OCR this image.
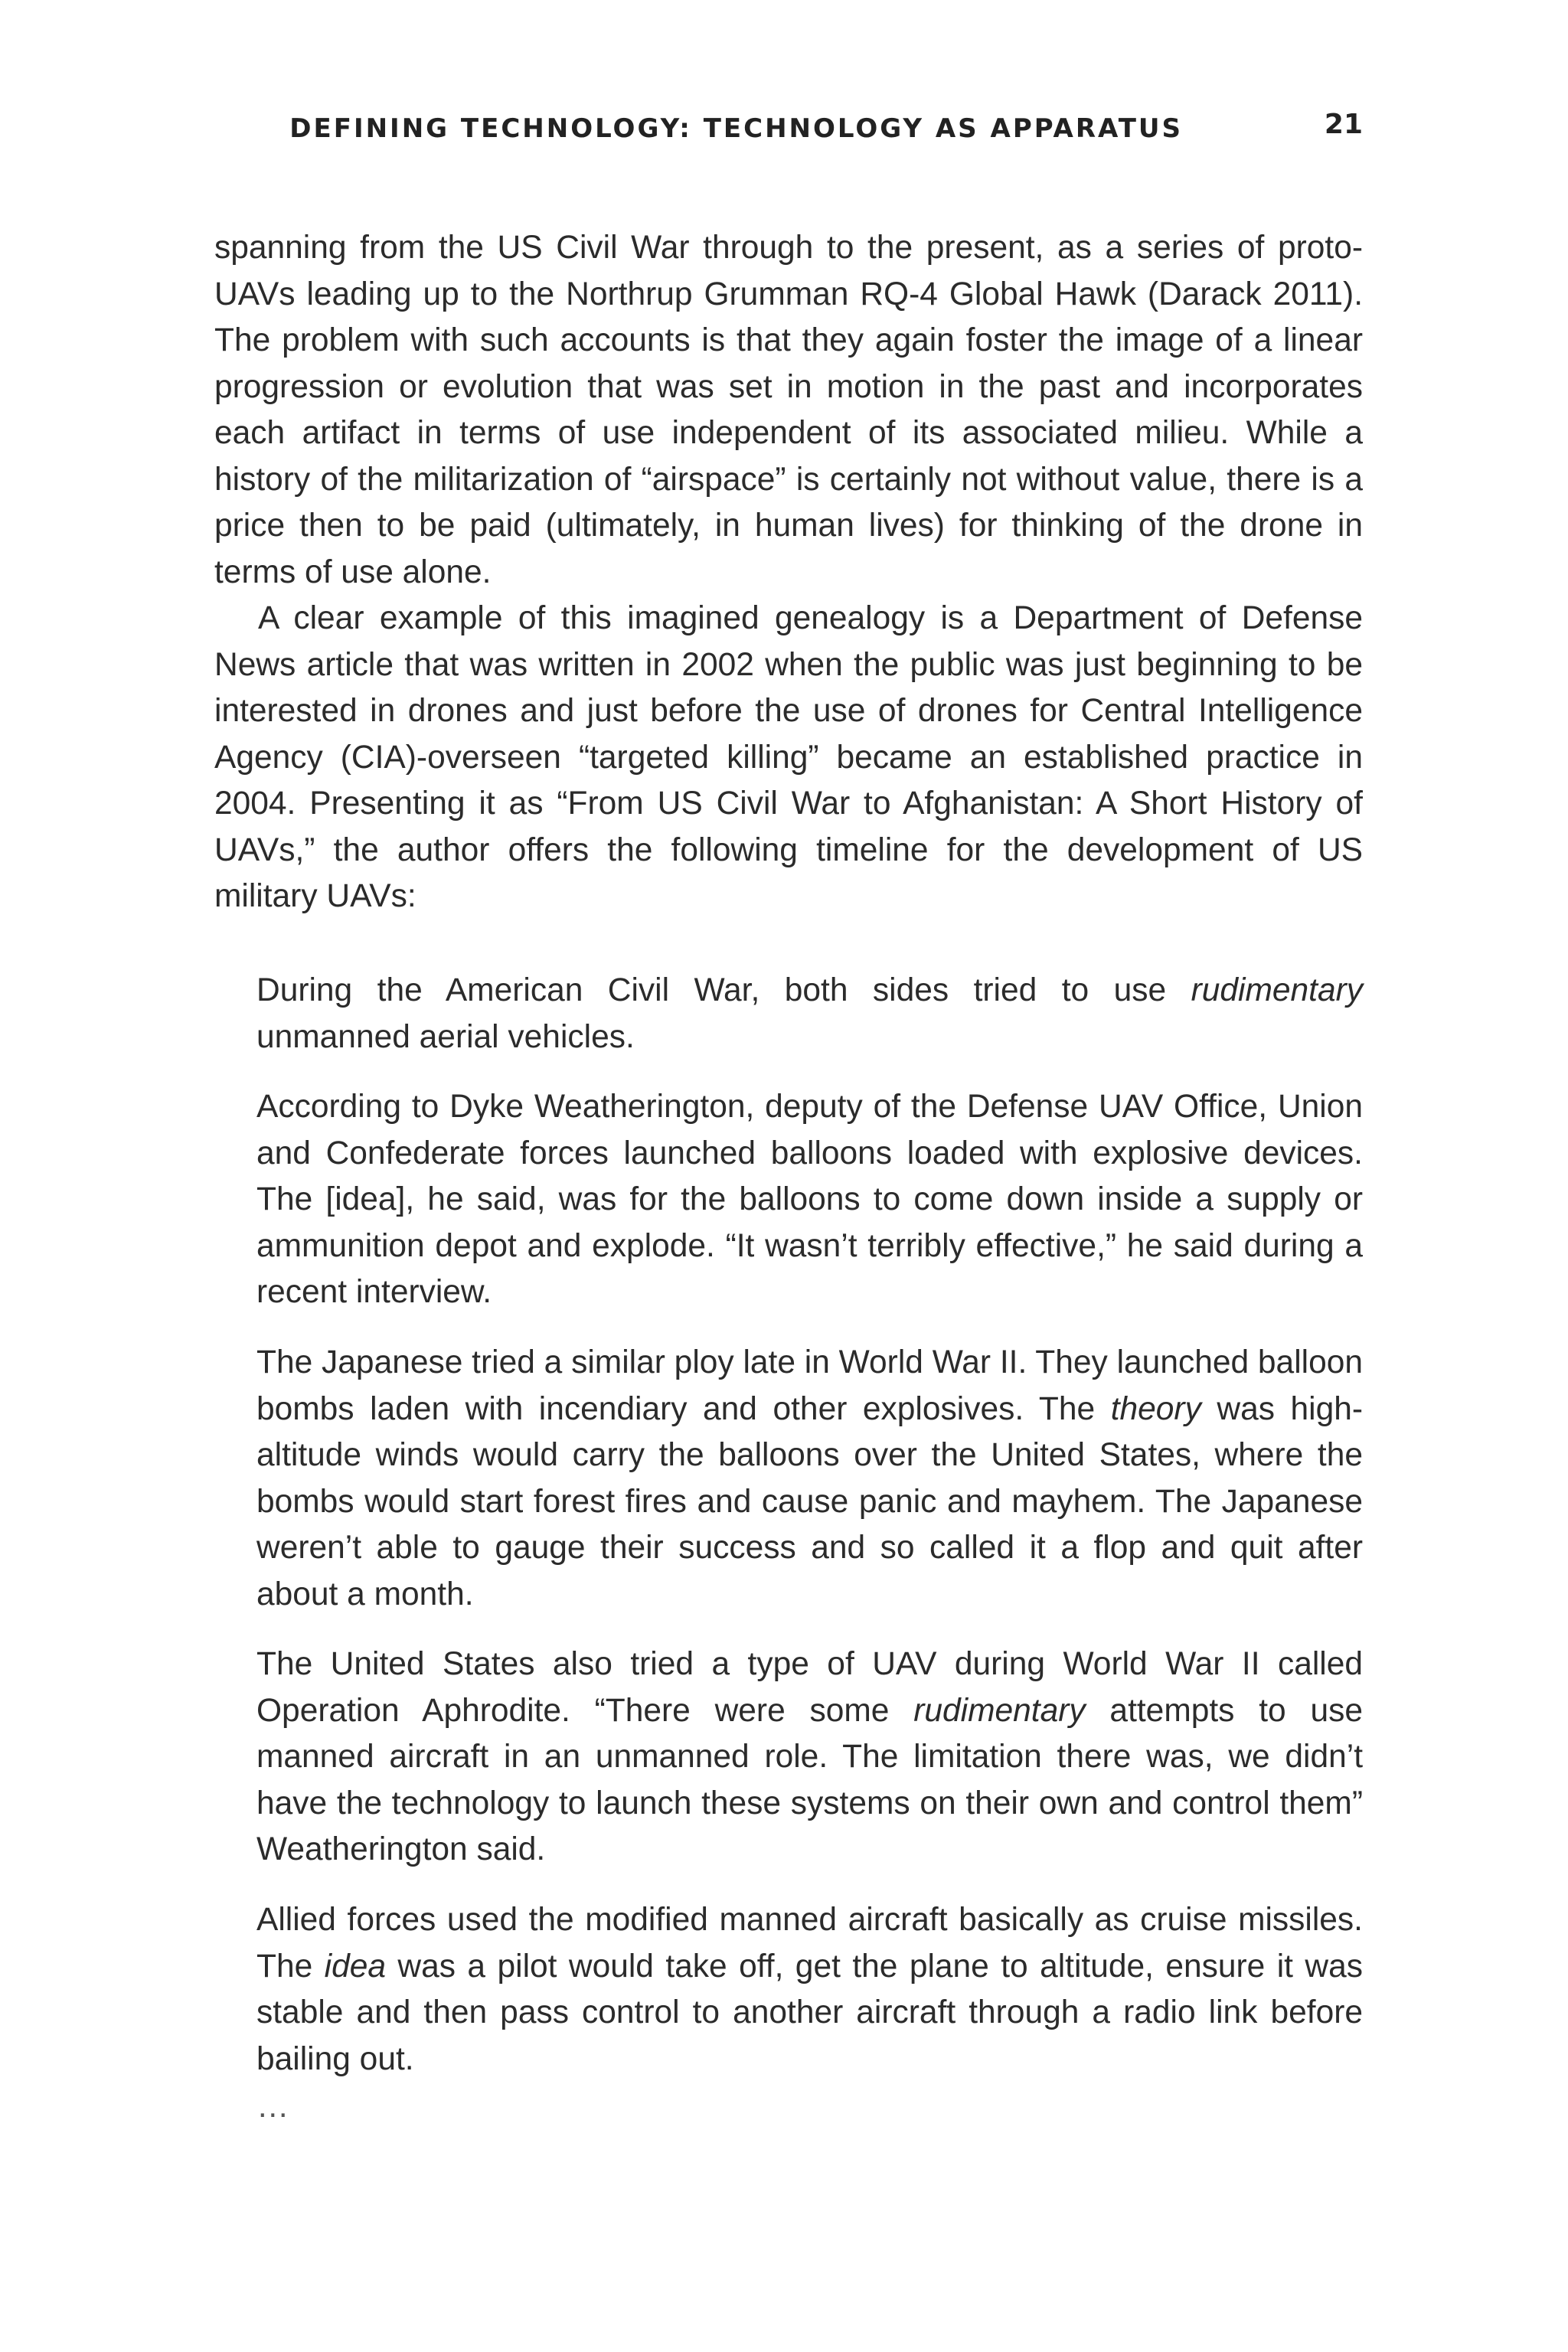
DEFINING TECHNOLOGY: TECHNOLOGY AS APPARATUS	21

spanning from the US Civil War through to the present, as a series of proto-UAVs leading up to the Northrup Grumman RQ-4 Global Hawk (Darack 2011). The problem with such accounts is that they again foster the image of a linear progression or evolution that was set in motion in the past and incorporates each artifact in terms of use independent of its associated milieu. While a history of the militarization of “airspace” is certainly not without value, there is a price then to be paid (ultimately, in human lives) for thinking of the drone in terms of use alone.

A clear example of this imagined genealogy is a Department of Defense News article that was written in 2002 when the public was just beginning to be interested in drones and just before the use of drones for Central Intelligence Agency (CIA)-overseen “targeted killing” became an established practice in 2004. Presenting it as “From US Civil War to Afghanistan: A Short History of UAVs,” the author offers the following timeline for the development of US military UAVs:

During the American Civil War, both sides tried to use rudimentary unmanned aerial vehicles.

According to Dyke Weatherington, deputy of the Defense UAV Office, Union and Confederate forces launched balloons loaded with explosive devices. The [idea], he said, was for the balloons to come down inside a supply or ammunition depot and explode. “It wasn’t terribly effective,” he said during a recent interview.

The Japanese tried a similar ploy late in World War II. They launched balloon bombs laden with incendiary and other explosives. The theory was high-altitude winds would carry the balloons over the United States, where the bombs would start forest fires and cause panic and mayhem. The Japanese weren’t able to gauge their success and so called it a flop and quit after about a month.

The United States also tried a type of UAV during World War II called Operation Aphrodite. “There were some rudimentary attempts to use manned aircraft in an unmanned role. The limitation there was, we didn’t have the technology to launch these systems on their own and control them” Weatherington said.

Allied forces used the modified manned aircraft basically as cruise missiles. The idea was a pilot would take off, get the plane to altitude, ensure it was stable and then pass control to another aircraft through a radio link before bailing out.

…
